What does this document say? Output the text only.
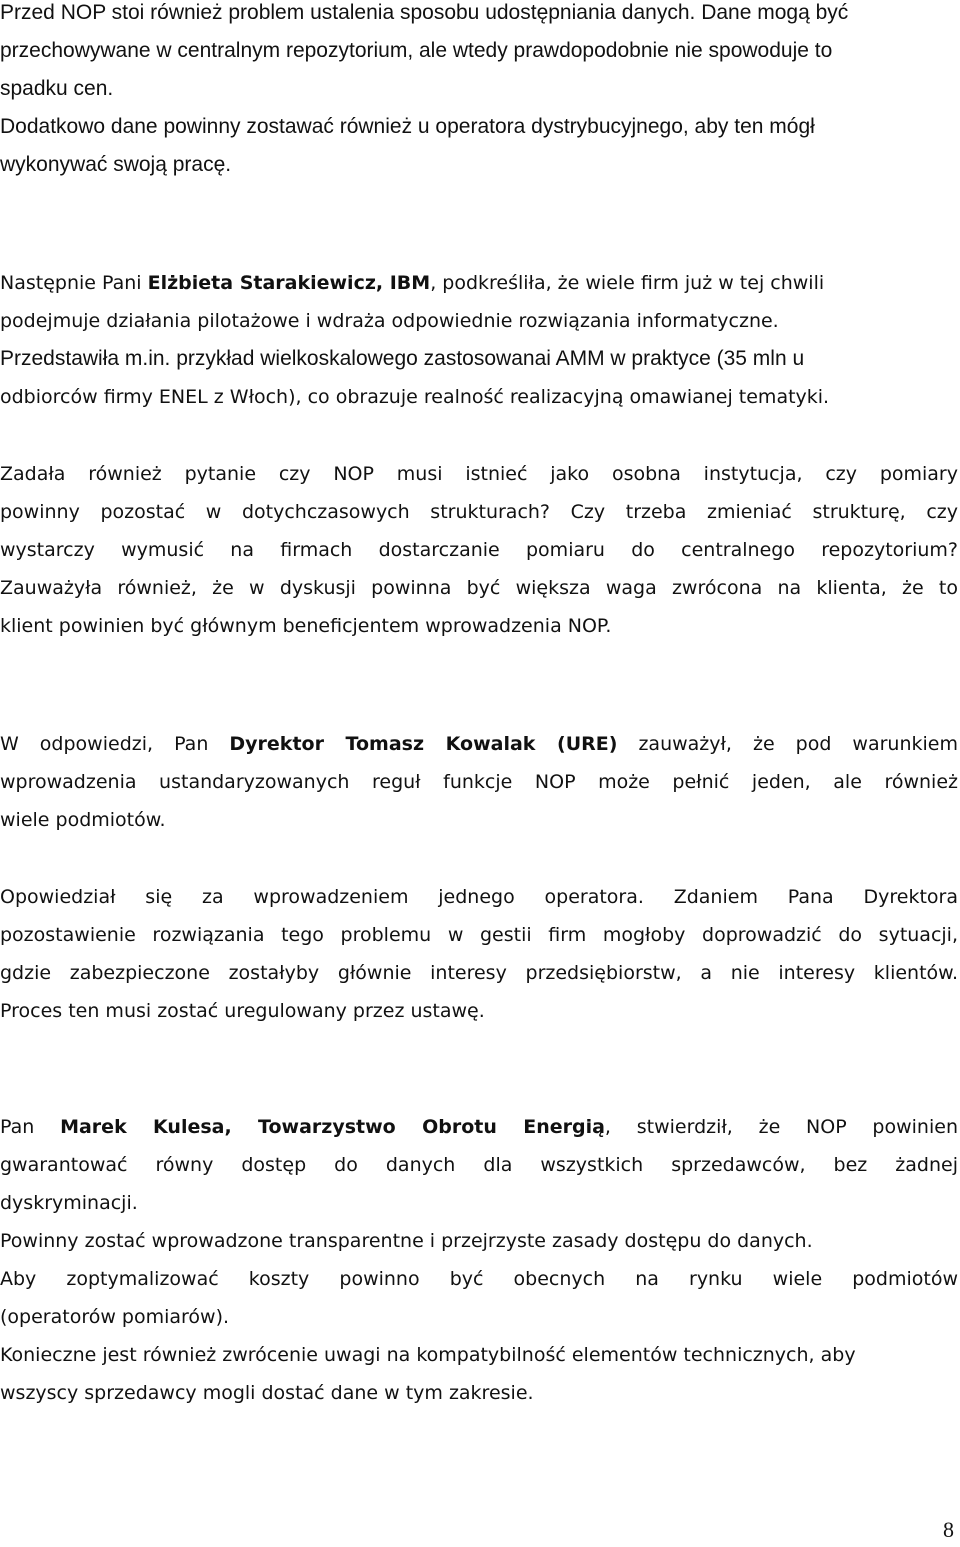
Przed NOP stoi również problem ustalenia sposobu udostępniania danych. Dane mogą być
przechowywane w centralnym repozytorium, ale wtedy prawdopodobnie nie spowoduje to
spadku cen.
Dodatkowo dane powinny zostawać również u operatora dystrybucyjnego, aby ten mógł
wykonywać swoją pracę.
Następnie Pani Elżbieta Starakiewicz, IBM, podkreśliła, że wiele firm już w tej chwili
podejmuje działania pilotażowe i wdraża odpowiednie rozwiązania informatyczne.
Przedstawiła m.in. przykład wielkoskalowego zastosowanai AMM w praktyce (35 mln u
odbiorców firmy ENEL z Włoch), co obrazuje realność realizacyjną omawianej tematyki.
Zadała również pytanie czy NOP musi istnieć jako osobna instytucja, czy pomiary
powinny pozostać w dotychczasowych strukturach? Czy trzeba zmieniać strukturę, czy
wystarczy wymusić na firmach dostarczanie pomiaru do centralnego repozytorium?
Zauważyła również, że w dyskusji powinna być większa waga zwrócona na klienta, że to
klient powinien być głównym beneficjentem wprowadzenia NOP.
W odpowiedzi, Pan Dyrektor Tomasz Kowalak (URE) zauważył, że pod warunkiem
wprowadzenia ustandaryzowanych reguł funkcje NOP może pełnić jeden, ale również
wiele podmiotów.
Opowiedział się za wprowadzeniem jednego operatora. Zdaniem Pana Dyrektora
pozostawienie rozwiązania tego problemu w gestii firm mogłoby doprowadzić do sytuacji,
gdzie zabezpieczone zostałyby głównie interesy przedsiębiorstw, a nie interesy klientów.
Proces ten musi zostać uregulowany przez ustawę.
Pan Marek Kulesa, Towarzystwo Obrotu Energią, stwierdził, że NOP powinien
gwarantować równy dostęp do danych dla wszystkich sprzedawców, bez żadnej
dyskryminacji.
Powinny zostać wprowadzone transparentne i przejrzyste zasady dostępu do danych.
Aby zoptymalizować koszty powinno być obecnych na rynku wiele podmiotów
(operatorów pomiarów).
Konieczne jest również zwrócenie uwagi na kompatybilność elementów technicznych, aby
wszyscy sprzedawcy mogli dostać dane w tym zakresie.
8
